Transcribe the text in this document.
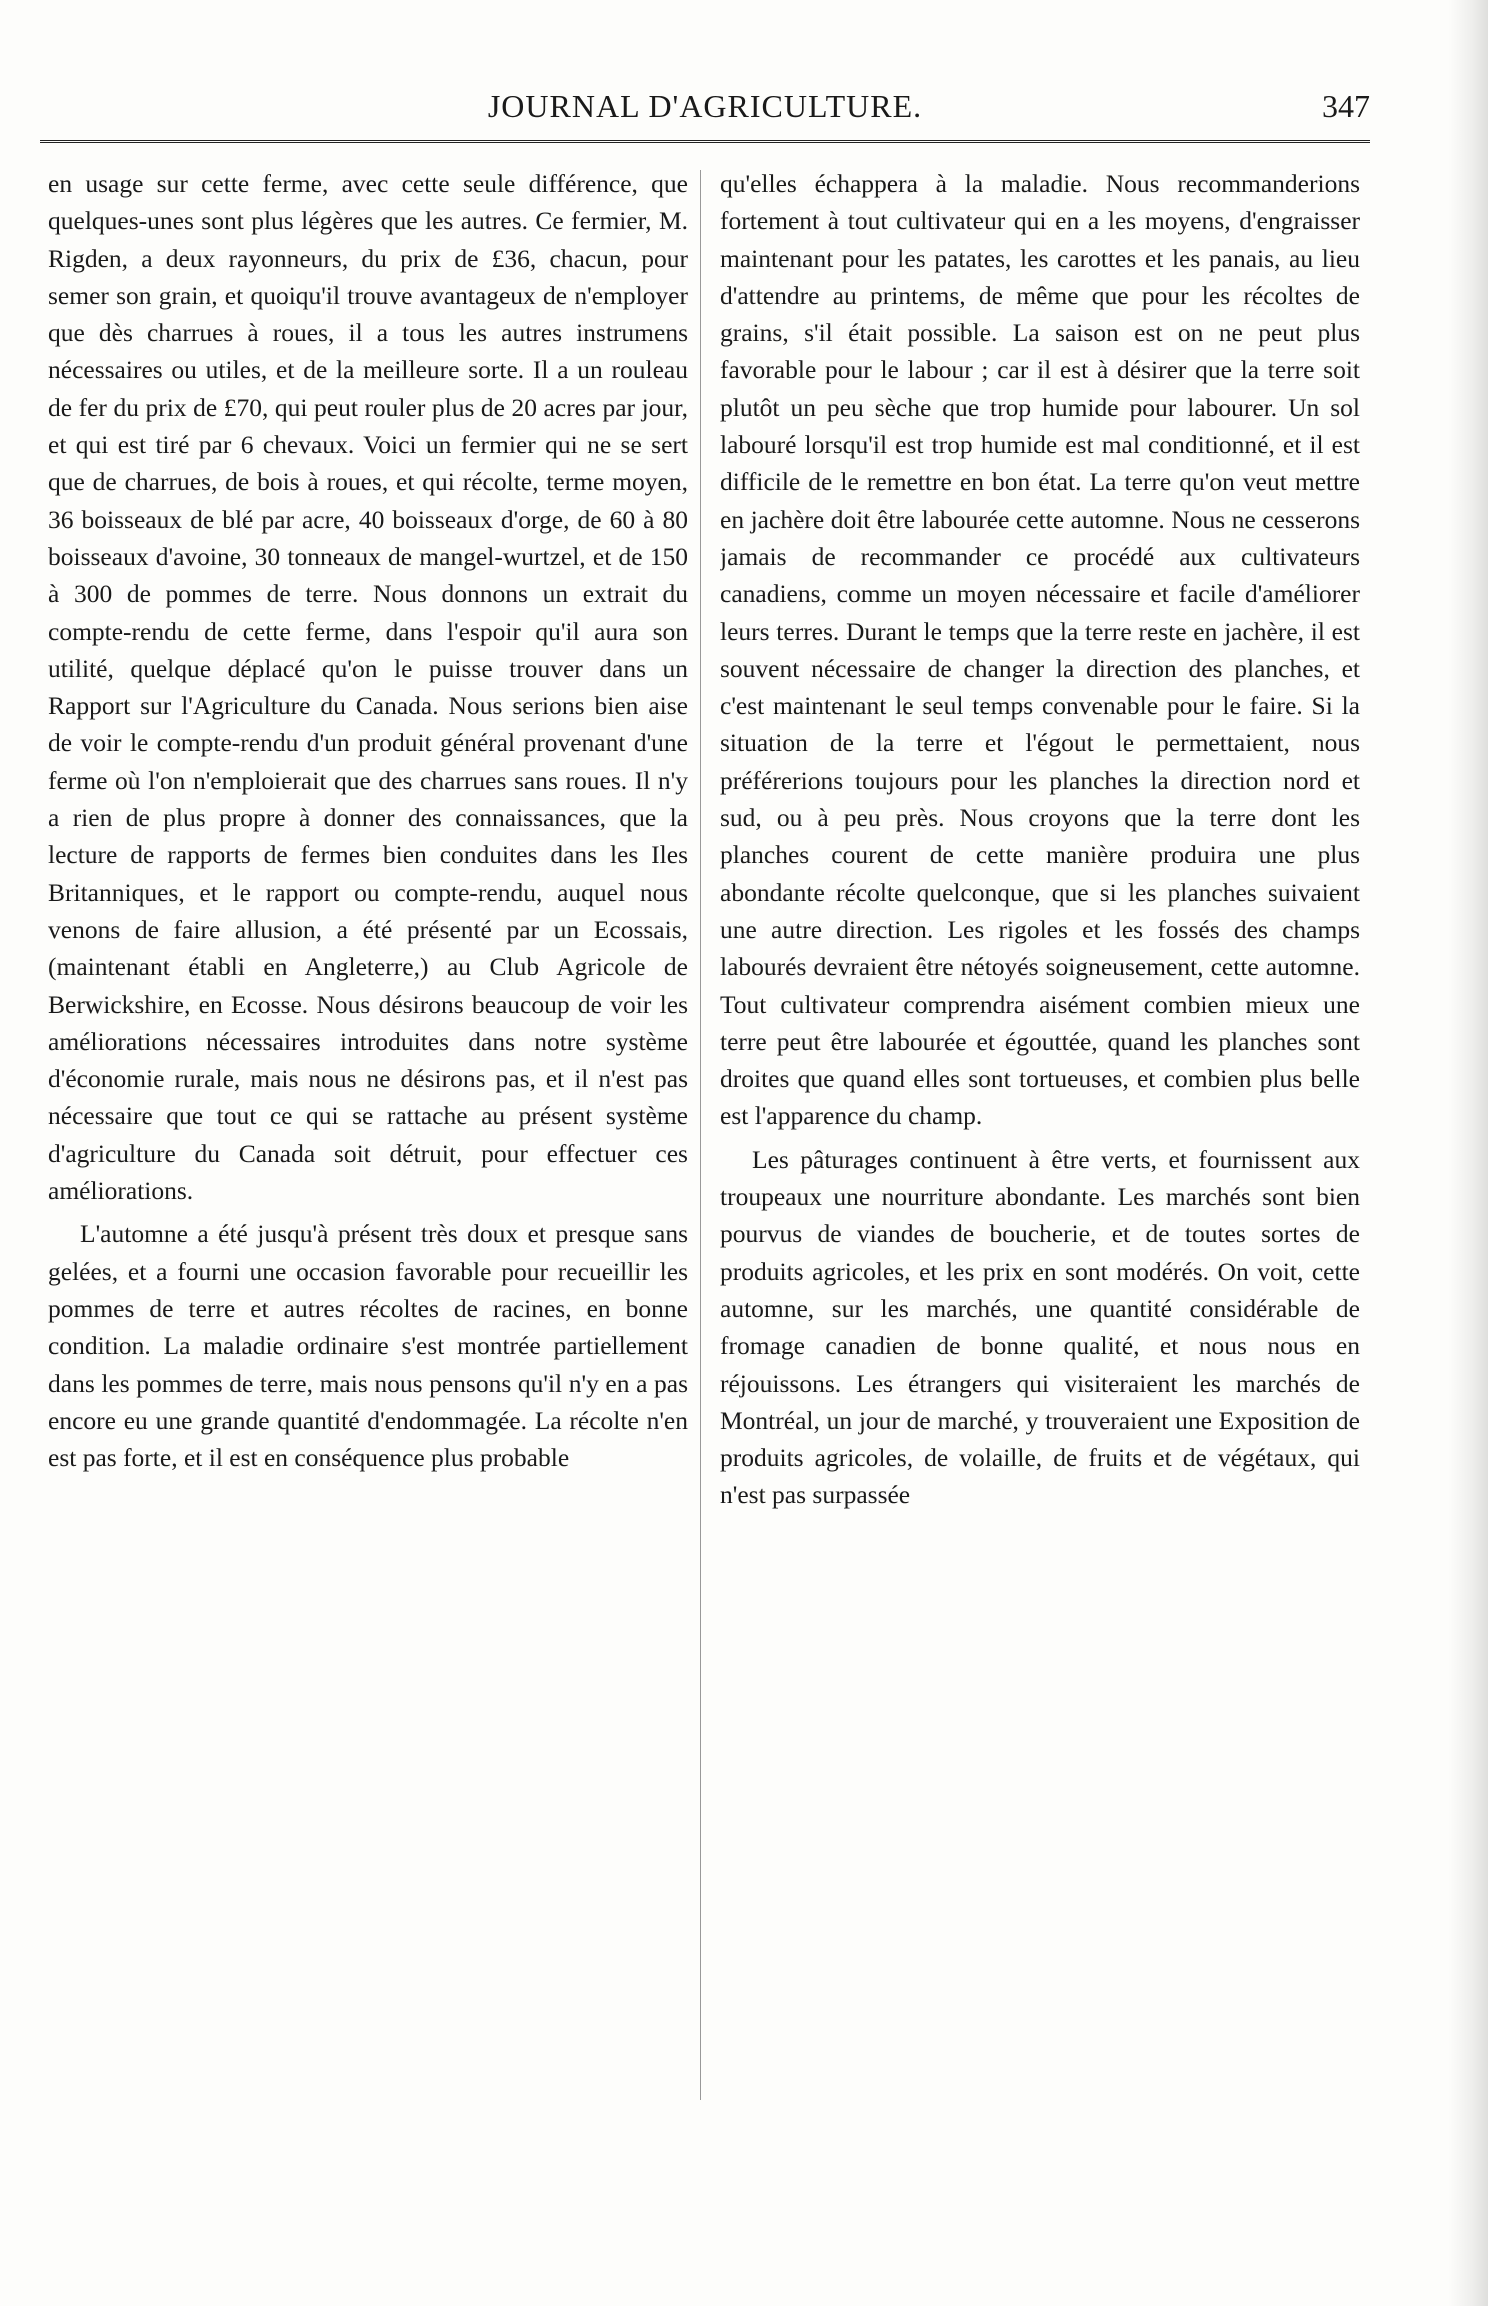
JOURNAL D'AGRICULTURE.	347

en usage sur cette ferme, avec cette seule différence, que quelques-unes sont plus légères que les autres. Ce fermier, M. Rigden, a deux rayonneurs, du prix de £36, chacun, pour semer son grain, et quoiqu'il trouve avantageux de n'employer que dès charrues à roues, il a tous les autres instrumens nécessaires ou utiles, et de la meilleure sorte. Il a un rouleau de fer du prix de £70, qui peut rouler plus de 20 acres par jour, et qui est tiré par 6 chevaux. Voici un fermier qui ne se sert que de charrues, de bois à roues, et qui récolte, terme moyen, 36 boisseaux de blé par acre, 40 boisseaux d'orge, de 60 à 80 boisseaux d'avoine, 30 tonneaux de mangel-wurtzel, et de 150 à 300 de pommes de terre. Nous donnons un extrait du compte-rendu de cette ferme, dans l'espoir qu'il aura son utilité, quelque déplacé qu'on le puisse trouver dans un Rapport sur l'Agriculture du Canada. Nous serions bien aise de voir le compte-rendu d'un produit général provenant d'une ferme où l'on n'emploierait que des charrues sans roues. Il n'y a rien de plus propre à donner des connaissances, que la lecture de rapports de fermes bien conduites dans les Iles Britanniques, et le rapport ou compte-rendu, auquel nous venons de faire allusion, a été présenté par un Ecossais, (maintenant établi en Angleterre,) au Club Agricole de Berwickshire, en Ecosse. Nous désirons beaucoup de voir les améliorations nécessaires introduites dans notre système d'économie rurale, mais nous ne désirons pas, et il n'est pas nécessaire que tout ce qui se rattache au présent système d'agriculture du Canada soit détruit, pour effectuer ces améliorations.

L'automne a été jusqu'à présent très doux et presque sans gelées, et a fourni une occasion favorable pour recueillir les pommes de terre et autres récoltes de racines, en bonne condition. La maladie ordinaire s'est montrée partiellement dans les pommes de terre, mais nous pensons qu'il n'y en a pas encore eu une grande quantité d'endommagée. La récolte n'en est pas forte, et il est en conséquence plus probable

qu'elles échappera à la maladie. Nous recommanderions fortement à tout cultivateur qui en a les moyens, d'engraisser maintenant pour les patates, les carottes et les panais, au lieu d'attendre au printems, de même que pour les récoltes de grains, s'il était possible. La saison est on ne peut plus favorable pour le labour ; car il est à désirer que la terre soit plutôt un peu sèche que trop humide pour labourer. Un sol labouré lorsqu'il est trop humide est mal conditionné, et il est difficile de le remettre en bon état. La terre qu'on veut mettre en jachère doit être labourée cette automne. Nous ne cesserons jamais de recommander ce procédé aux cultivateurs canadiens, comme un moyen nécessaire et facile d'améliorer leurs terres. Durant le temps que la terre reste en jachère, il est souvent nécessaire de changer la direction des planches, et c'est maintenant le seul temps convenable pour le faire. Si la situation de la terre et l'égout le permettaient, nous préférerions toujours pour les planches la direction nord et sud, ou à peu près. Nous croyons que la terre dont les planches courent de cette manière produira une plus abondante récolte quelconque, que si les planches suivaient une autre direction. Les rigoles et les fossés des champs labourés devraient être nétoyés soigneusement, cette automne. Tout cultivateur comprendra aisément combien mieux une terre peut être labourée et égouttée, quand les planches sont droites que quand elles sont tortueuses, et combien plus belle est l'apparence du champ.

Les pâturages continuent à être verts, et fournissent aux troupeaux une nourriture abondante. Les marchés sont bien pourvus de viandes de boucherie, et de toutes sortes de produits agricoles, et les prix en sont modérés. On voit, cette automne, sur les marchés, une quantité considérable de fromage canadien de bonne qualité, et nous nous en réjouissons. Les étrangers qui visiteraient les marchés de Montréal, un jour de marché, y trouveraient une Exposition de produits agricoles, de volaille, de fruits et de végétaux, qui n'est pas surpassée
